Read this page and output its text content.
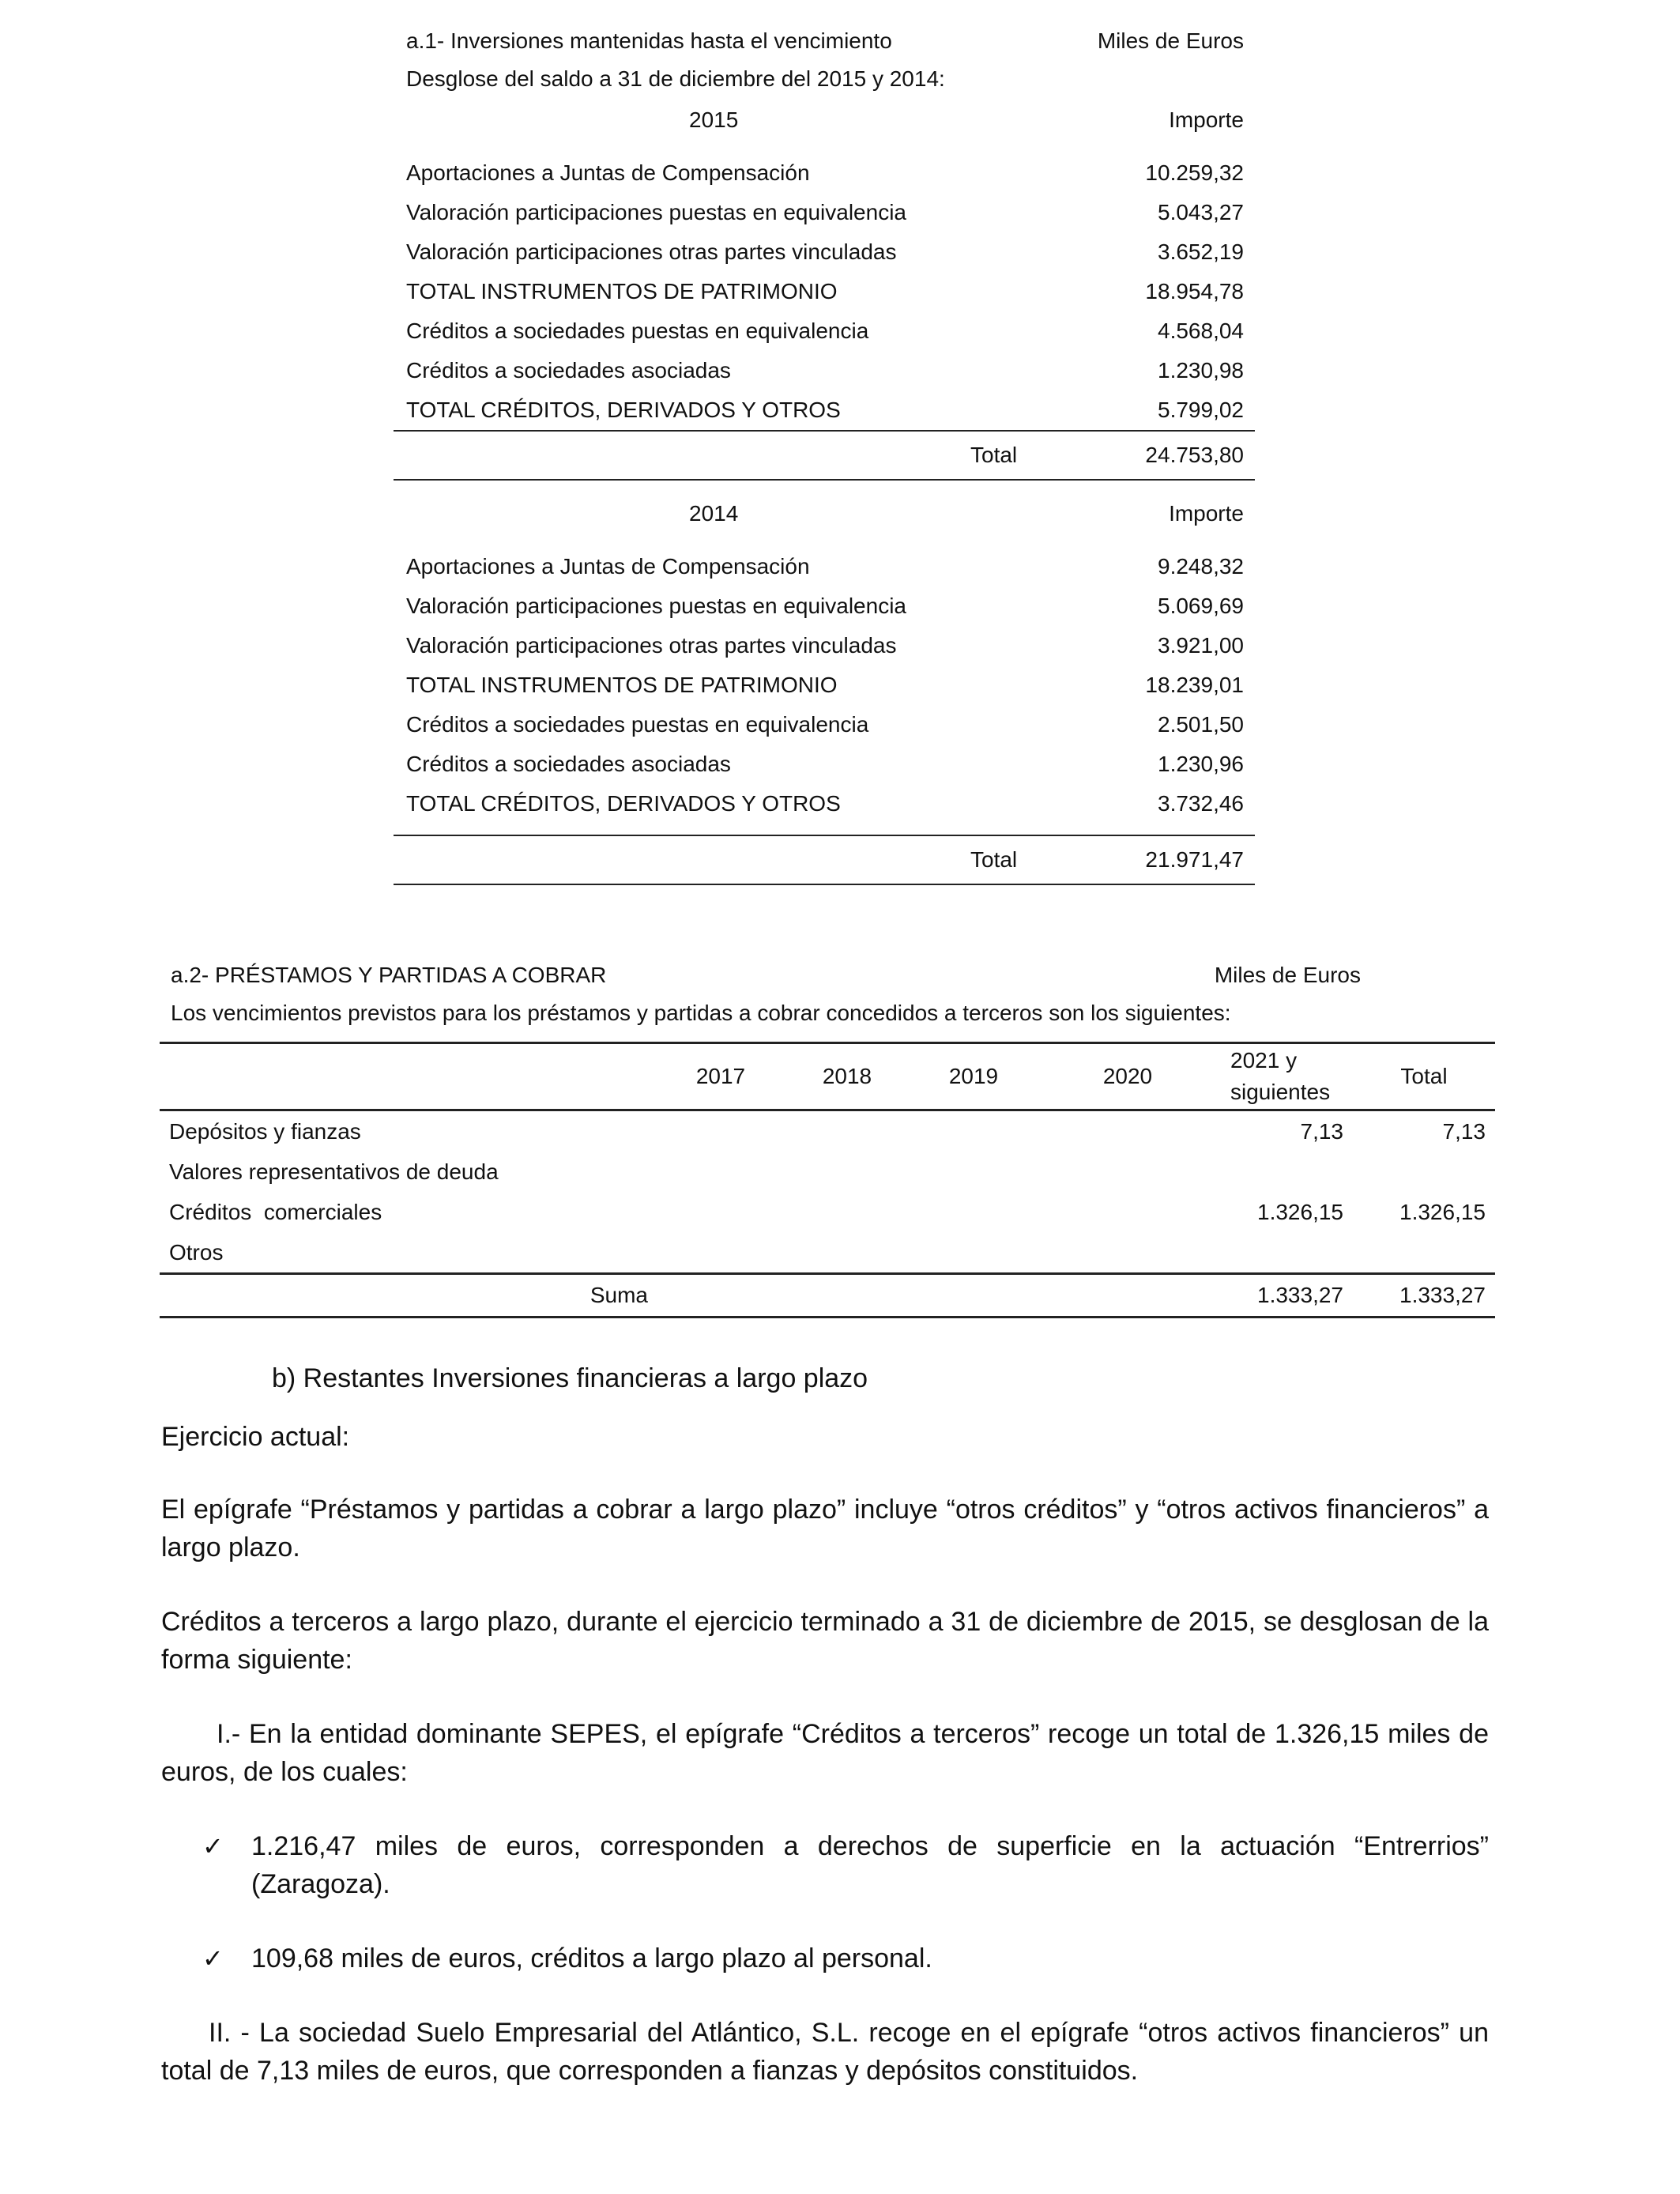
a.1- Inversiones mantenidas hasta el vencimiento	Miles de Euros
Desglose del saldo a 31 de diciembre del 2015 y 2014:
2015	Importe
Aportaciones a Juntas de Compensación	10.259,32
Valoración participaciones puestas en equivalencia	5.043,27
Valoración participaciones otras partes vinculadas	3.652,19
TOTAL INSTRUMENTOS DE PATRIMONIO	18.954,78
Créditos a sociedades puestas en equivalencia	4.568,04
Créditos a sociedades asociadas	1.230,98
TOTAL CRÉDITOS, DERIVADOS Y OTROS	5.799,02
Total	24.753,80
2014	Importe
Aportaciones a Juntas de Compensación	9.248,32
Valoración participaciones puestas en equivalencia	5.069,69
Valoración participaciones otras partes vinculadas	3.921,00
TOTAL INSTRUMENTOS DE PATRIMONIO	18.239,01
Créditos a sociedades puestas en equivalencia	2.501,50
Créditos a sociedades asociadas	1.230,96
TOTAL CRÉDITOS, DERIVADOS Y OTROS	3.732,46
Total	21.971,47
a.2- PRÉSTAMOS Y PARTIDAS A COBRAR	Miles de Euros
Los vencimientos previstos para los préstamos y partidas a cobrar concedidos a terceros son los siguientes:
	2017	2018	2019	2020	2021 y siguientes	Total
Depósitos y fianzas					7,13	7,13
Valores representativos de deuda						
Créditos  comerciales					1.326,15	1.326,15
Otros						
Suma					1.333,27	1.333,27

b) Restantes Inversiones financieras a largo plazo

Ejercicio actual:

El epígrafe “Préstamos y partidas a cobrar a largo plazo” incluye “otros créditos” y “otros activos financieros” a largo plazo.

Créditos a terceros a largo plazo, durante el ejercicio terminado a 31 de diciembre de 2015, se desglosan de la forma siguiente:

I.- En la entidad dominante SEPES, el epígrafe “Créditos a terceros” recoge un total de 1.326,15 miles de euros, de los cuales:

✓ 1.216,47 miles de euros, corresponden a derechos de superficie en la actuación “Entrerrios” (Zaragoza).
✓ 109,68 miles de euros, créditos a largo plazo al personal.

II. - La sociedad Suelo Empresarial del Atlántico, S.L. recoge en el epígrafe “otros activos financieros” un total de 7,13 miles de euros, que corresponden a fianzas y depósitos constituidos.
